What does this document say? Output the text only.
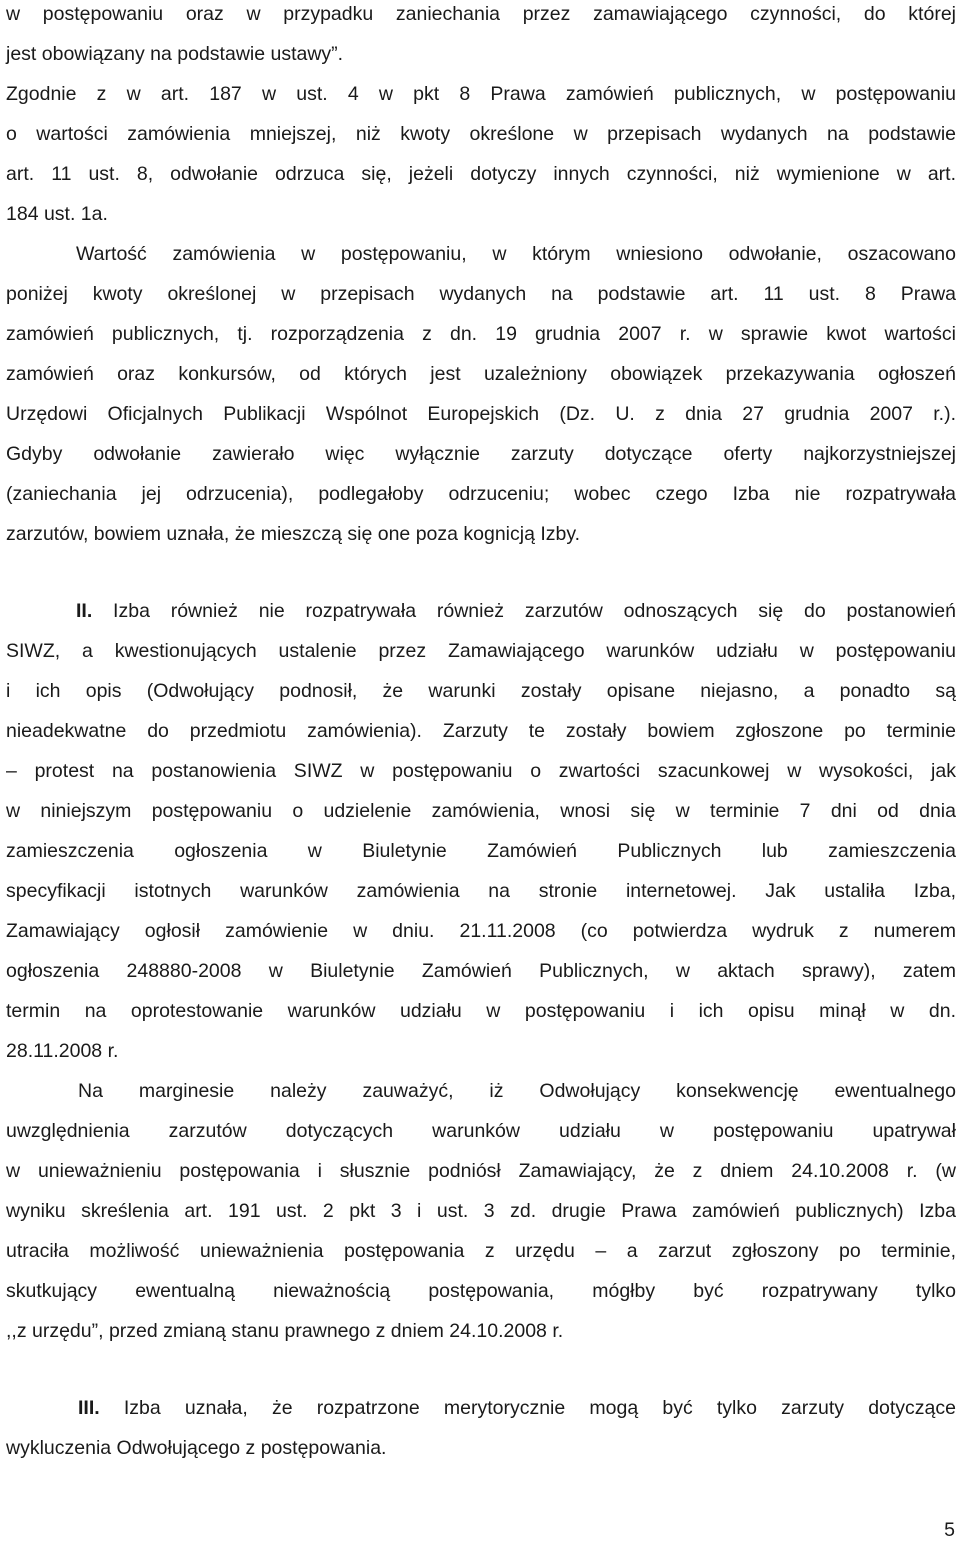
w postępowaniu oraz w przypadku zaniechania przez zamawiającego czynności, do której
jest obowiązany na podstawie ustawy”.
Zgodnie z w art. 187 w ust. 4 w pkt 8 Prawa zamówień publicznych, w postępowaniu
o wartości zamówienia mniejszej, niż kwoty określone w przepisach wydanych na podstawie
art. 11 ust. 8, odwołanie odrzuca się, jeżeli dotyczy innych czynności, niż wymienione w art.
184 ust. 1a.
Wartość zamówienia w postępowaniu, w którym wniesiono odwołanie, oszacowano
poniżej kwoty określonej w przepisach wydanych na podstawie art. 11 ust. 8 Prawa
zamówień publicznych, tj. rozporządzenia z dn. 19 grudnia 2007 r. w sprawie kwot wartości
zamówień oraz konkursów, od których jest uzależniony obowiązek przekazywania ogłoszeń
Urzędowi Oficjalnych Publikacji Wspólnot Europejskich (Dz. U. z dnia 27 grudnia 2007 r.).
Gdyby odwołanie zawierało więc wyłącznie zarzuty dotyczące oferty najkorzystniejszej
(zaniechania jej odrzucenia), podlegałoby odrzuceniu; wobec czego Izba nie rozpatrywała
zarzutów, bowiem uznała, że mieszczą się one poza kognicją Izby.
II. Izba również nie rozpatrywała również zarzutów odnoszących się do postanowień
SIWZ, a kwestionujących ustalenie przez Zamawiającego warunków udziału w postępowaniu
i ich opis (Odwołujący podnosił, że warunki zostały opisane niejasno, a ponadto są
nieadekwatne do przedmiotu zamówienia). Zarzuty te zostały bowiem zgłoszone po terminie
– protest na postanowienia SIWZ w postępowaniu o zwartości szacunkowej w wysokości, jak
w niniejszym postępowaniu o udzielenie zamówienia, wnosi się w terminie 7 dni od dnia
zamieszczenia ogłoszenia w Biuletynie Zamówień Publicznych lub zamieszczenia
specyfikacji istotnych warunków zamówienia na stronie internetowej. Jak ustaliła Izba,
Zamawiający ogłosił zamówienie w dniu. 21.11.2008 (co potwierdza wydruk z numerem
ogłoszenia 248880-2008 w Biuletynie Zamówień Publicznych, w aktach sprawy), zatem
termin na oprotestowanie warunków udziału w postępowaniu i ich opisu minął w dn.
28.11.2008 r.
Na marginesie należy zauważyć, iż Odwołujący konsekwencję ewentualnego
uwzględnienia zarzutów dotyczących warunków udziału w postępowaniu upatrywał
w unieważnieniu postępowania i słusznie podniósł Zamawiający, że z dniem 24.10.2008 r. (w
wyniku skreślenia art. 191 ust. 2 pkt 3 i ust. 3 zd. drugie Prawa zamówień publicznych) Izba
utraciła możliwość unieważnienia postępowania z urzędu – a zarzut zgłoszony po terminie,
skutkujący ewentualną nieważnością postępowania, mógłby być rozpatrywany tylko
,,z urzędu”, przed zmianą stanu prawnego z dniem 24.10.2008 r.
III. Izba uznała, że rozpatrzone merytorycznie mogą być tylko zarzuty dotyczące
wykluczenia Odwołującego z postępowania.
5
